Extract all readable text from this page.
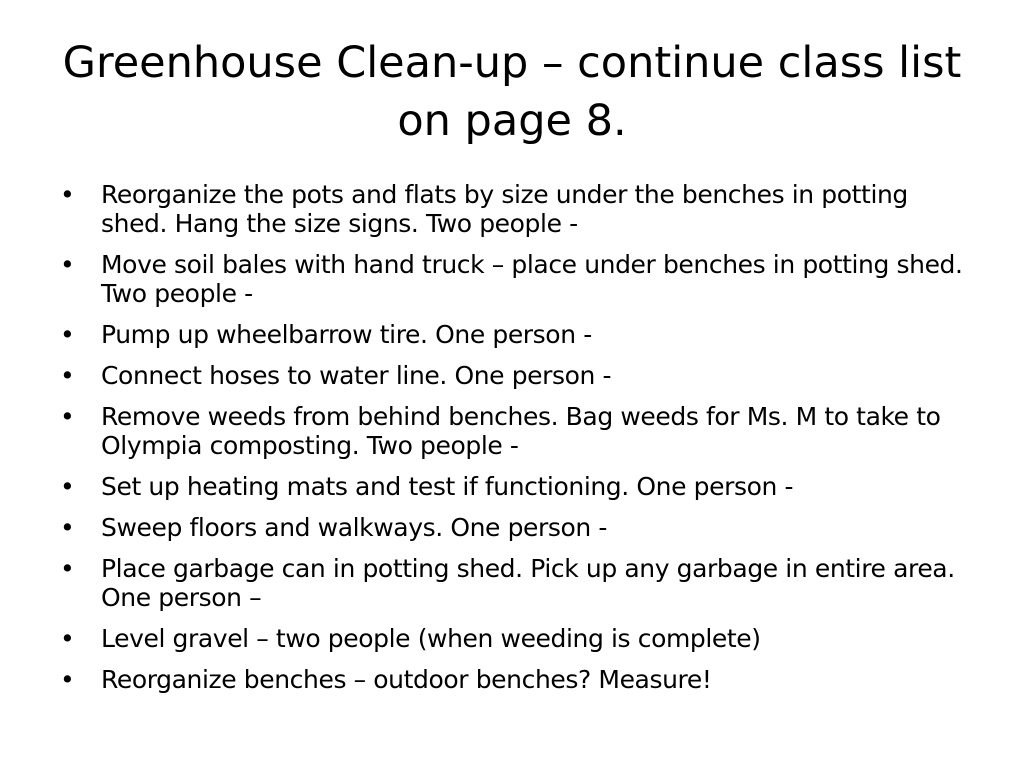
Greenhouse Clean-up – continue class list on page 8.
• Reorganize the pots and flats by size under the benches in potting shed. Hang the size signs. Two people -
• Move soil bales with hand truck – place under benches in potting shed. Two people -
• Pump up wheelbarrow tire. One person -
• Connect hoses to water line. One person -
• Remove weeds from behind benches. Bag weeds for Ms. M to take to Olympia composting. Two people -
• Set up heating mats and test if functioning. One person -
• Sweep floors and walkways. One person -
• Place garbage can in potting shed. Pick up any garbage in entire area. One person –
• Level gravel – two people (when weeding is complete)
• Reorganize benches – outdoor benches? Measure!
